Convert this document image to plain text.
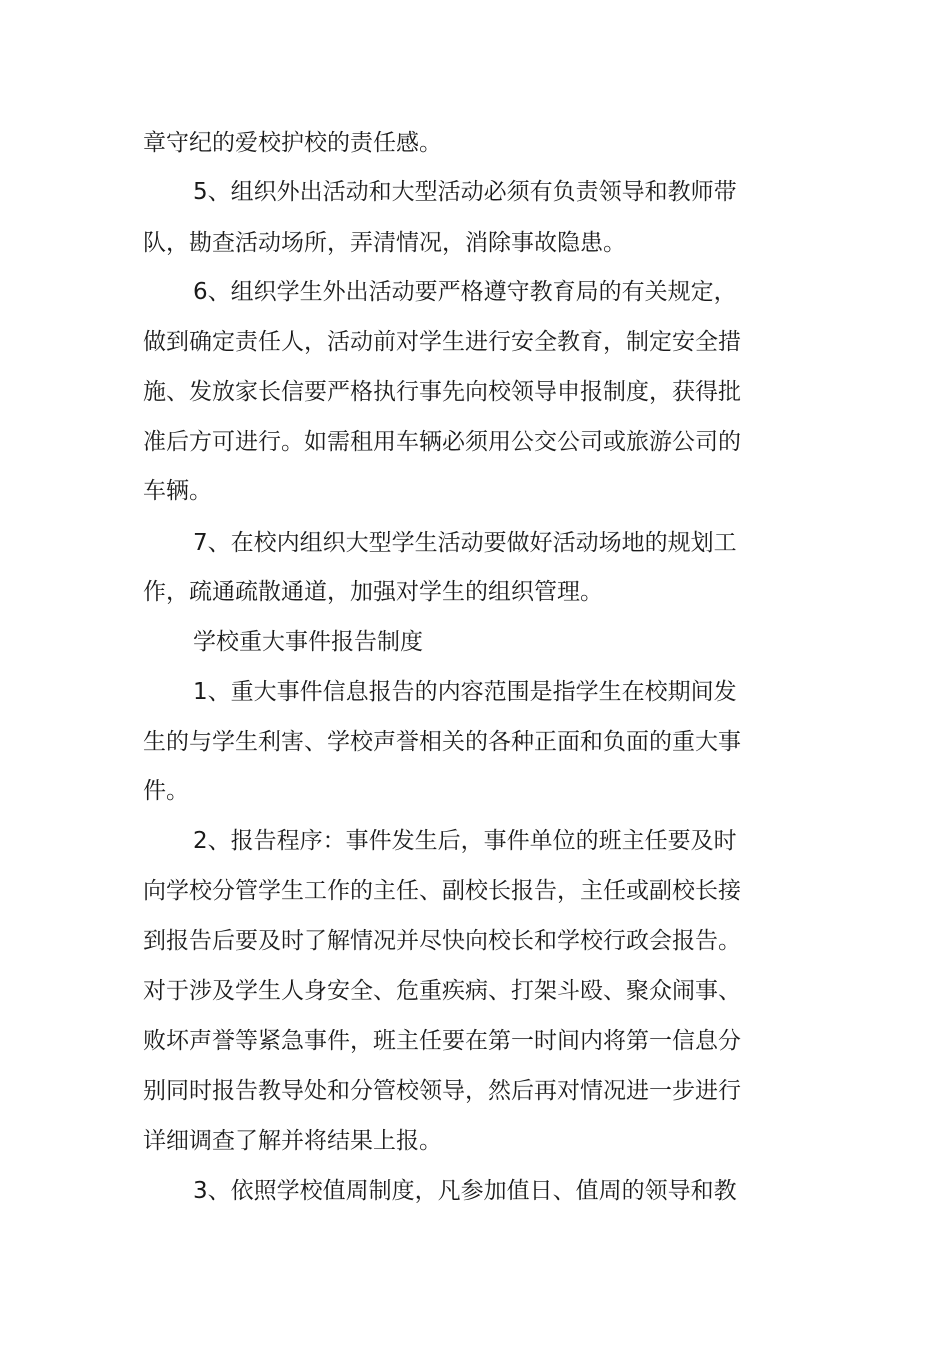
章守纪的爱校护校的责任感。

5、组织外出活动和大型活动必须有负责领导和教师带

队，勘查活动场所，弄清情况，消除事故隐患。

6、组织学生外出活动要严格遵守教育局的有关规定，

做到确定责任人，活动前对学生进行安全教育，制定安全措

施、发放家长信要严格执行事先向校领导申报制度，获得批

准后方可进行。如需租用车辆必须用公交公司或旅游公司的

车辆。

7、在校内组织大型学生活动要做好活动场地的规划工

作，疏通疏散通道，加强对学生的组织管理。

学校重大事件报告制度

1、重大事件信息报告的内容范围是指学生在校期间发

生的与学生利害、学校声誉相关的各种正面和负面的重大事

件。

2、报告程序：事件发生后，事件单位的班主任要及时

向学校分管学生工作的主任、副校长报告，主任或副校长接

到报告后要及时了解情况并尽快向校长和学校行政会报告。

对于涉及学生人身安全、危重疾病、打架斗殴、聚众闹事、

败坏声誉等紧急事件，班主任要在第一时间内将第一信息分

别同时报告教导处和分管校领导，然后再对情况进一步进行

详细调查了解并将结果上报。

3、依照学校值周制度，凡参加值日、值周的领导和教
